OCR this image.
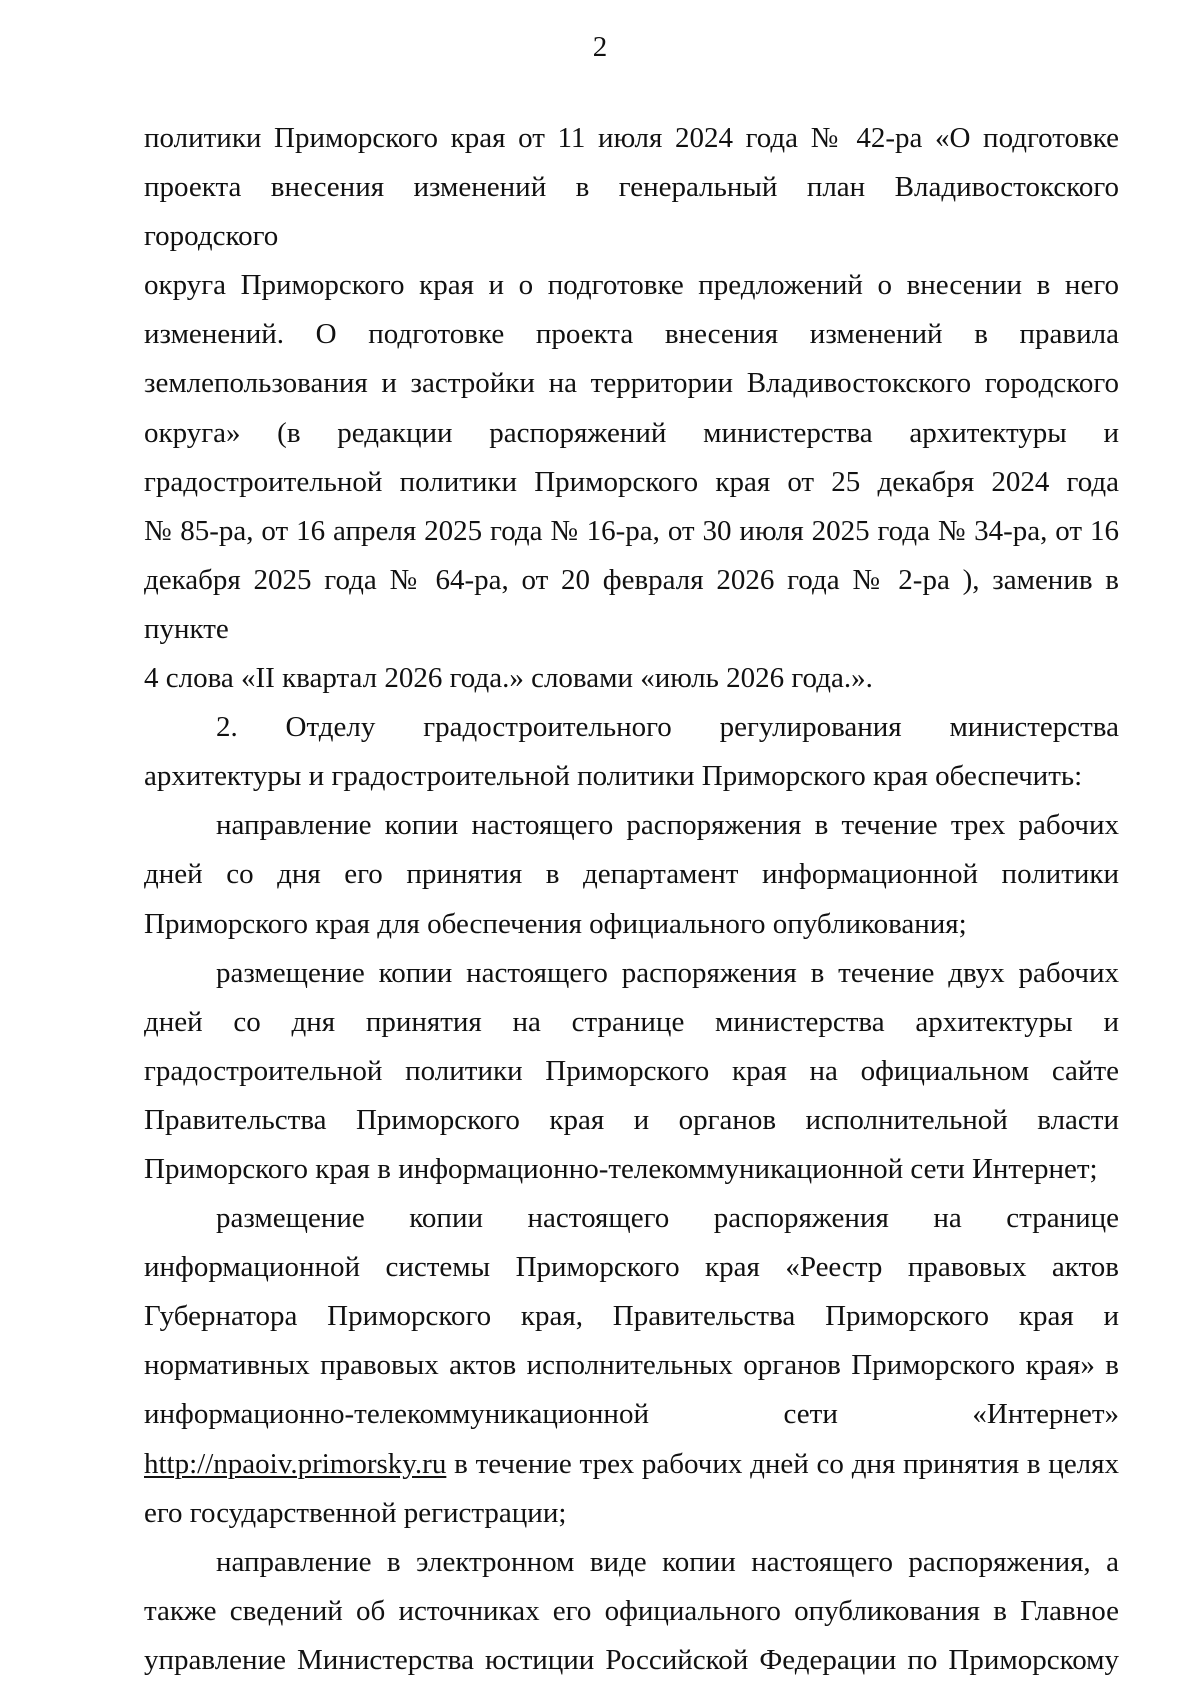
2

политики Приморского края от 11 июля 2024 года № 42-ра «О подготовке
проекта внесения изменений в генеральный план Владивостокского городского
округа Приморского края и о подготовке предложений о внесении в него
изменений. О подготовке проекта внесения изменений в правила
землепользования и застройки на территории Владивостокского городского
округа» (в редакции распоряжений министерства архитектуры и
градостроительной политики Приморского края от 25 декабря 2024 года
№ 85-ра, от 16 апреля 2025 года № 16-ра, от 30 июля 2025 года № 34-ра, от 16
декабря 2025 года № 64-ра, от 20 февраля 2026 года № 2-ра ), заменив в пункте
4 слова «II квартал 2026 года.» словами «июль 2026 года.».

2. Отделу градостроительного регулирования министерства
архитектуры и градостроительной политики Приморского края обеспечить:

направление копии настоящего распоряжения в течение трех рабочих
дней со дня его принятия в департамент информационной политики
Приморского края для обеспечения официального опубликования;

размещение копии настоящего распоряжения в течение двух рабочих
дней со дня принятия на странице министерства архитектуры и
градостроительной политики Приморского края на официальном сайте
Правительства Приморского края и органов исполнительной власти
Приморского края в информационно-телекоммуникационной сети Интернет;

размещение копии настоящего распоряжения на странице
информационной системы Приморского края «Реестр правовых актов
Губернатора Приморского края, Правительства Приморского края и
нормативных правовых актов исполнительных органов Приморского края» в
информационно-телекоммуникационной сети «Интернет»
http://npaoiv.primorsky.ru в течение трех рабочих дней со дня принятия в целях
его государственной регистрации;

направление в электронном виде копии настоящего распоряжения, а
также сведений об источниках его официального опубликования в Главное
управление Министерства юстиции Российской Федерации по Приморскому
